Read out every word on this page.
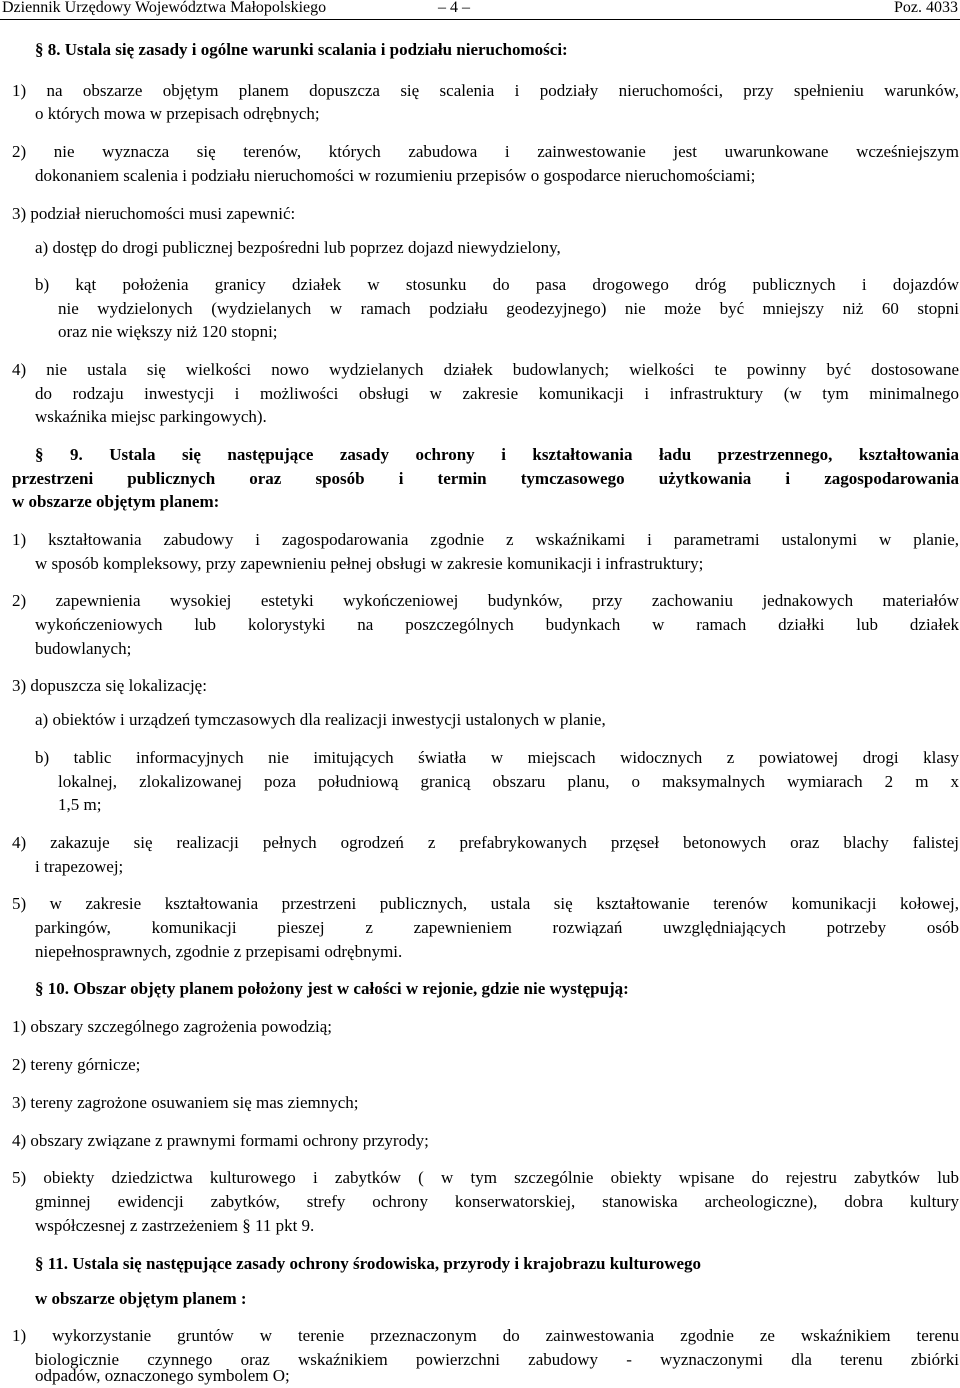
Dziennik Urzędowy Województwa Małopolskiego	– 4 –	Poz. 4033
§ 8. Ustala się zasady i ogólne warunki scalania i podziału nieruchomości:
1) na obszarze objętym planem dopuszcza się scalenia i podziały nieruchomości, przy spełnieniu warunków,
o których mowa w przepisach odrębnych;
2) nie wyznacza się terenów, których zabudowa i zainwestowanie jest uwarunkowane wcześniejszym
dokonaniem scalenia i podziału nieruchomości w rozumieniu przepisów o gospodarce nieruchomościami;
3) podział nieruchomości musi zapewnić:
a) dostęp do drogi publicznej bezpośredni lub poprzez dojazd niewydzielony,
b) kąt położenia granicy działek w stosunku do pasa drogowego dróg publicznych i dojazdów
nie wydzielonych (wydzielanych w ramach podziału geodezyjnego) nie może być mniejszy niż 60 stopni
oraz nie większy niż 120 stopni;
4) nie ustala się wielkości nowo wydzielanych działek budowlanych; wielkości te powinny być dostosowane
do rodzaju inwestycji i możliwości obsługi w zakresie komunikacji i infrastruktury (w tym minimalnego
wskaźnika miejsc parkingowych).
§ 9. Ustala się następujące zasady ochrony i kształtowania ładu przestrzennego, kształtowania
przestrzeni publicznych oraz sposób i termin tymczasowego użytkowania i zagospodarowania
w obszarze objętym planem:
1) kształtowania zabudowy i zagospodarowania zgodnie z wskaźnikami i parametrami ustalonymi w planie,
w sposób kompleksowy, przy zapewnieniu pełnej obsługi w zakresie komunikacji i infrastruktury;
2) zapewnienia wysokiej estetyki wykończeniowej budynków, przy zachowaniu jednakowych materiałów
wykończeniowych lub kolorystyki na poszczególnych budynkach w ramach działki lub działek
budowlanych;
3) dopuszcza się lokalizację:
a) obiektów i urządzeń tymczasowych dla realizacji inwestycji ustalonych w planie,
b) tablic informacyjnych nie imitujących światła w miejscach widocznych z powiatowej drogi klasy
lokalnej, zlokalizowanej poza południową granicą obszaru planu, o maksymalnych wymiarach 2 m x
1,5 m;
4) zakazuje się realizacji pełnych ogrodzeń z prefabrykowanych przęseł betonowych oraz blachy falistej
i trapezowej;
5) w zakresie kształtowania przestrzeni publicznych, ustala się kształtowanie terenów komunikacji kołowej,
parkingów, komunikacji pieszej z zapewnieniem rozwiązań uwzględniających potrzeby osób
niepełnosprawnych, zgodnie z przepisami odrębnymi.
§ 10. Obszar objęty planem położony jest w całości w rejonie, gdzie nie występują:
1) obszary szczególnego zagrożenia powodzią;
2) tereny górnicze;
3) tereny zagrożone osuwaniem się mas ziemnych;
4) obszary związane z prawnymi formami ochrony przyrody;
5) obiekty dziedzictwa kulturowego i zabytków ( w tym szczególnie obiekty wpisane do rejestru zabytków lub
gminnej ewidencji zabytków, strefy ochrony konserwatorskiej, stanowiska archeologiczne), dobra kultury
współczesnej z zastrzeżeniem § 11 pkt 9.
§ 11. Ustala się następujące zasady ochrony środowiska, przyrody i krajobrazu kulturowego
w obszarze objętym planem :
1) wykorzystanie gruntów w terenie przeznaczonym do zainwestowania zgodnie ze wskaźnikiem terenu
biologicznie czynnego oraz wskaźnikiem powierzchni zabudowy - wyznaczonymi dla terenu zbiórki
odpadów, oznaczonego symbolem O;
